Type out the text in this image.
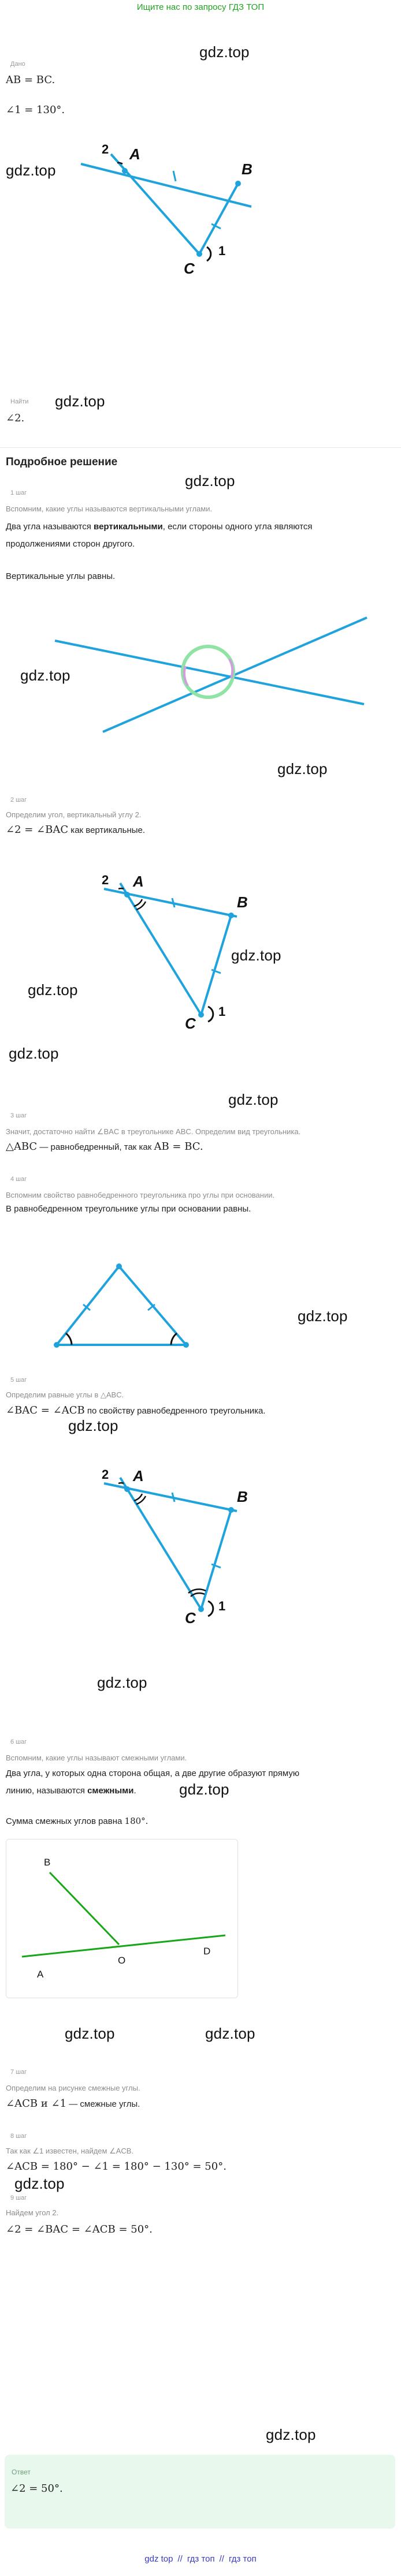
Ищите нас по запросу ГДЗ ТОП
Дано
AB = BC.
∠1 = 130°.
gdz.top
gdz.top
A
B
C
1
2
Найти
∠2.
gdz.top
Подробное решение
gdz.top
1 шаг
Вспомним, какие углы называются вертикальными углами.
Два угла называются вертикальными, если стороны одного угла являются
продолжениями сторон другого.
Вертикальные углы равны.
gdz.top
gdz.top
2 шаг
Определим угол, вертикальный углу 2.
∠2 = ∠BAC как вертикальные.
A
B
C
1
2
gdz.top
gdz.top
gdz.top
gdz.top
3 шаг
Значит, достаточно найти ∠BAC в треугольнике ABC. Определим вид треугольника.
△ABC — равнобедренный, так как AB = BC.
4 шаг
Вспомним свойство равнобедренного треугольника про углы при основании.
В равнобедренном треугольнике углы при основании равны.
gdz.top
5 шаг
Определим равные углы в △ABC.
∠BAC = ∠ACB по свойству равнобедренного треугольника.
gdz.top
A
B
C
1
2
gdz.top
6 шаг
Вспомним, какие углы называют смежными углами.
Два угла, у которых одна сторона общая, а две другие образуют прямую
линию, называются смежными.	gdz.top
Сумма смежных углов равна 180°.
B
A
O
D
gdz.top	gdz.top
7 шаг
Определим на рисунке смежные углы.
∠ACB и ∠1 — смежные углы.
8 шаг
Так как ∠1 известен, найдем ∠ACB.
∠ACB = 180° − ∠1 = 180° − 130° = 50°.
gdz.top
9 шаг
Найдем угол 2.
∠2 = ∠BAC = ∠ACB = 50°.
Ответ
∠2 = 50°.
gdz.top
gdz top // гдз топ // гдз топ
